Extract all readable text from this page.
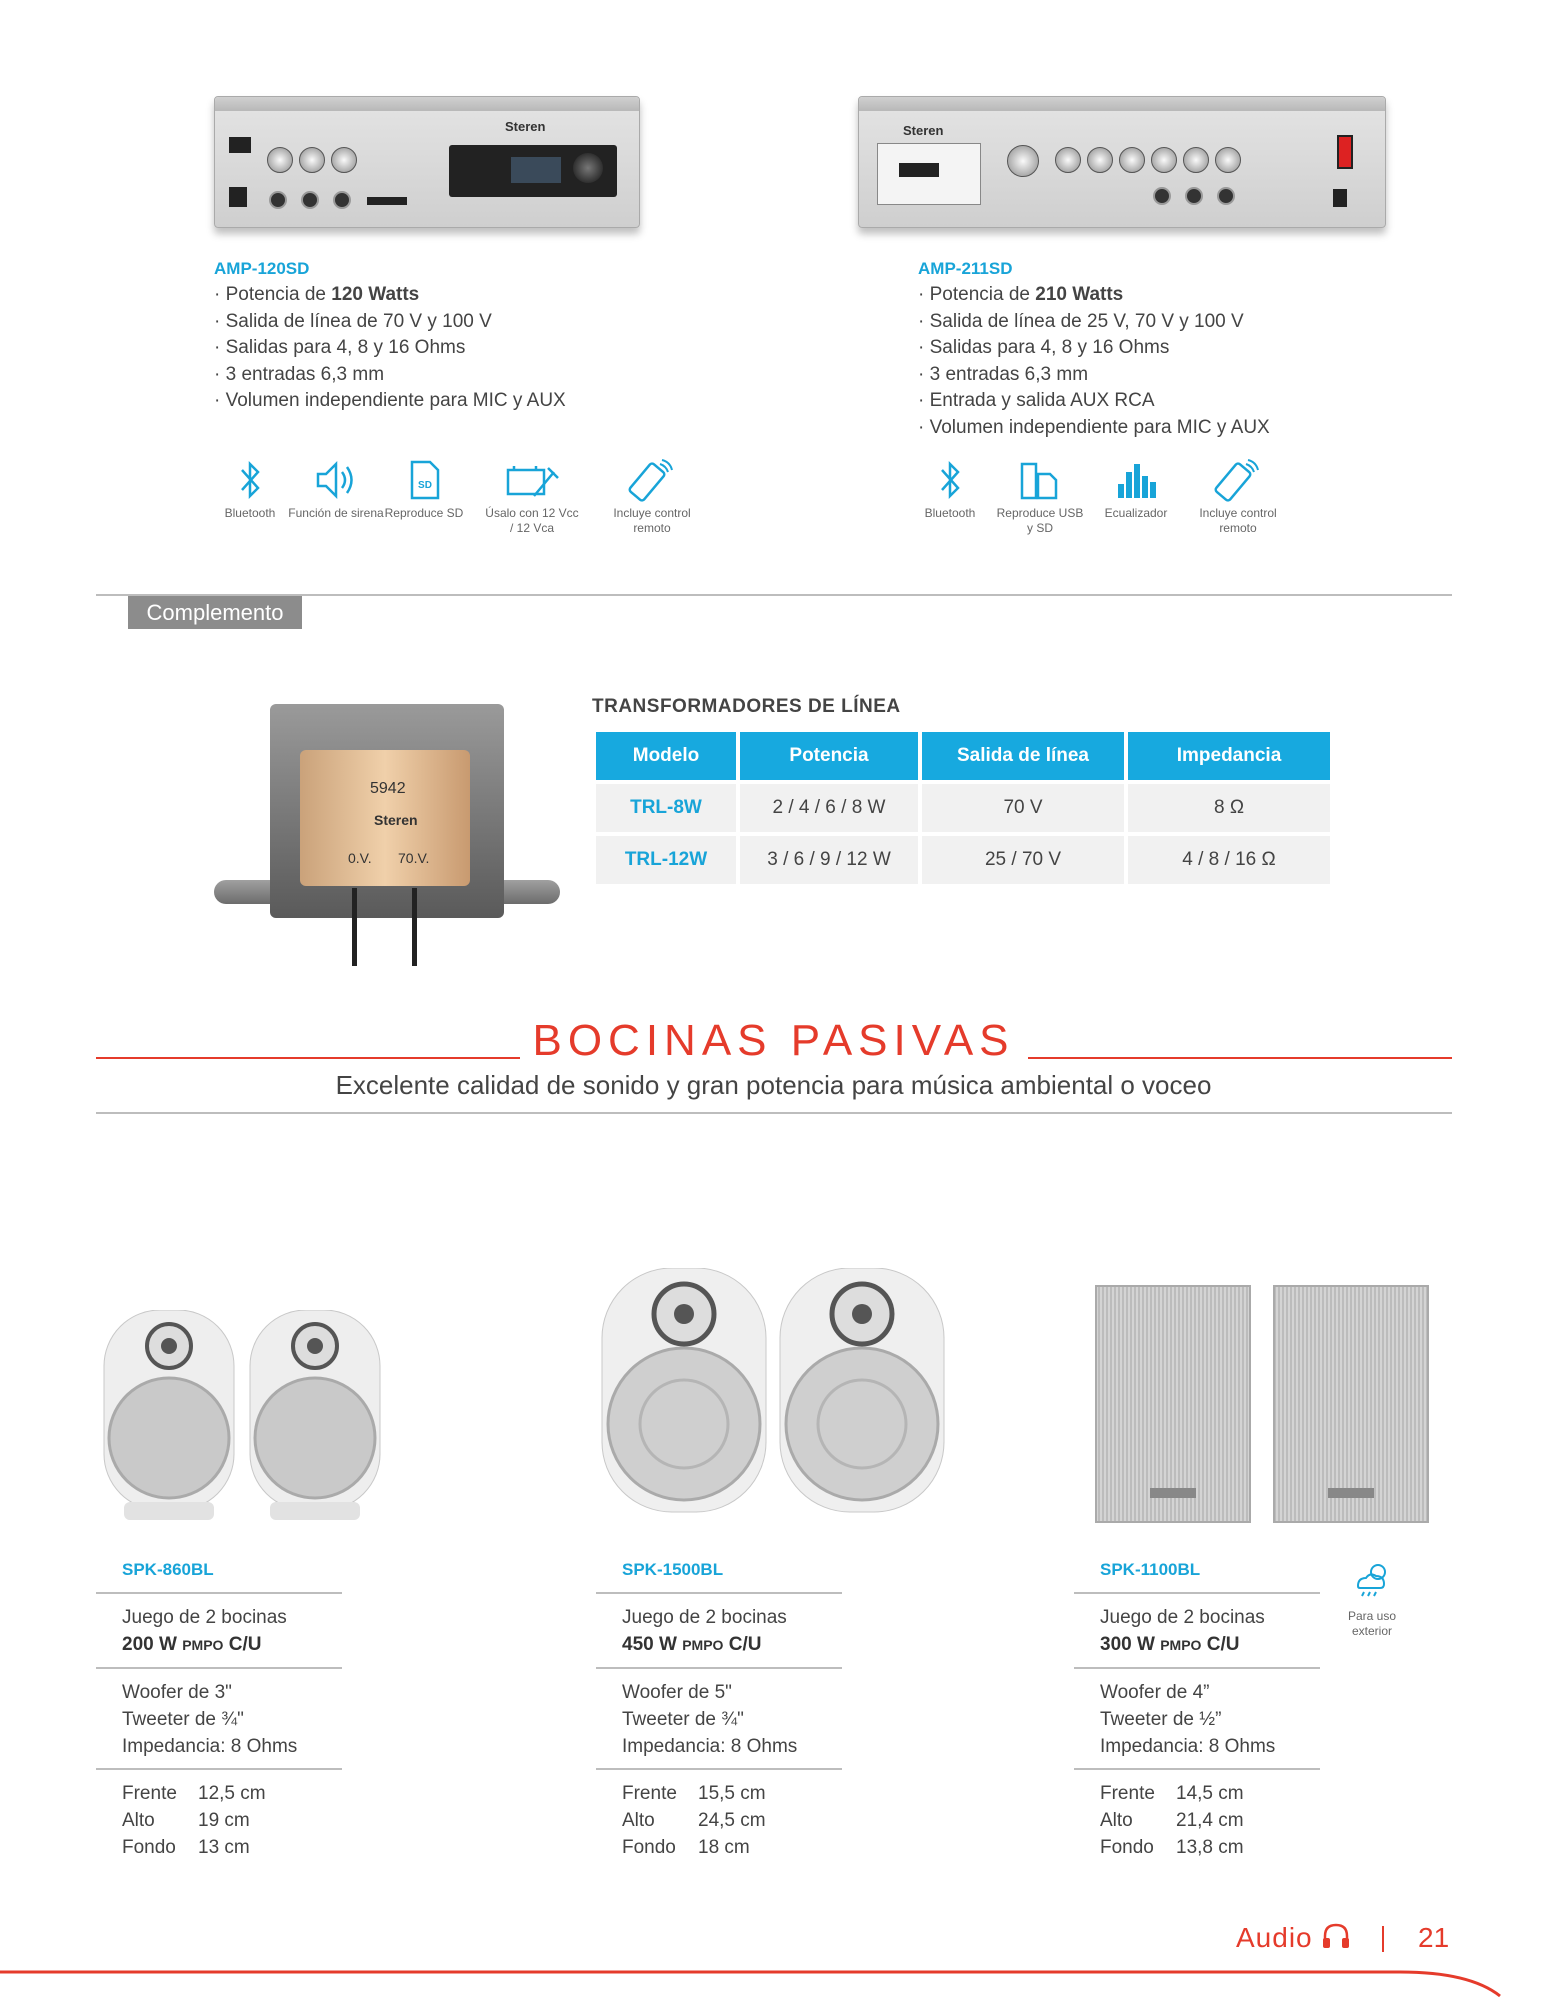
Steren	Steren
AMP-120SD
· Potencia de 120 Watts
· Salida de línea de 70 V y 100 V
· Salidas para 4, 8 y 16 Ohms
· 3 entradas 6,3 mm
· Volumen independiente para MIC y AUX
AMP-211SD
· Potencia de 210 Watts
· Salida de línea de 25 V, 70 V y 100 V
· Salidas para 4, 8 y 16 Ohms
· 3 entradas 6,3 mm
· Entrada y salida AUX RCA
· Volumen independiente para MIC y AUX
Bluetooth	Función de sirena
SD
Reproduce SD	Úsalo con 12 Vcc / 12 Vca
Incluye control remoto
Bluetooth	Reproduce USB y SD
Ecualizador	Incluye control remoto
Complemento
5942
Steren
0.V. 70.V.
TRANSFORMADORES DE LÍNEA
Modelo	Potencia	Salida de línea	Impedancia
TRL-8W	2 / 4 / 6 / 8 W	70 V	8 Ω
TRL-12W	3 / 6 / 9 / 12 W	25 / 70 V	4 / 8 / 16 Ω
BOCINAS PASIVAS
Excelente calidad de sonido y gran potencia para música ambiental o voceo
SPK-860BL
Juego de 2 bocinas
200 W PMPO C/U
Woofer de 3"
Tweeter de ¾"
Impedancia: 8 Ohms
Frente 12,5 cm
Alto 19 cm
Fondo 13 cm
SPK-1500BL
Juego de 2 bocinas
450 W PMPO C/U
Woofer de 5"
Tweeter de ¾"
Impedancia: 8 Ohms
Frente 15,5 cm
Alto 24,5 cm
Fondo 18 cm
SPK-1100BL
Juego de 2 bocinas
300 W PMPO C/U
Woofer de 4”
Tweeter de ½”
Impedancia: 8 Ohms
Frente 14,5 cm
Alto 21,4 cm
Fondo 13,8 cm
Para uso exterior
Audio	21
